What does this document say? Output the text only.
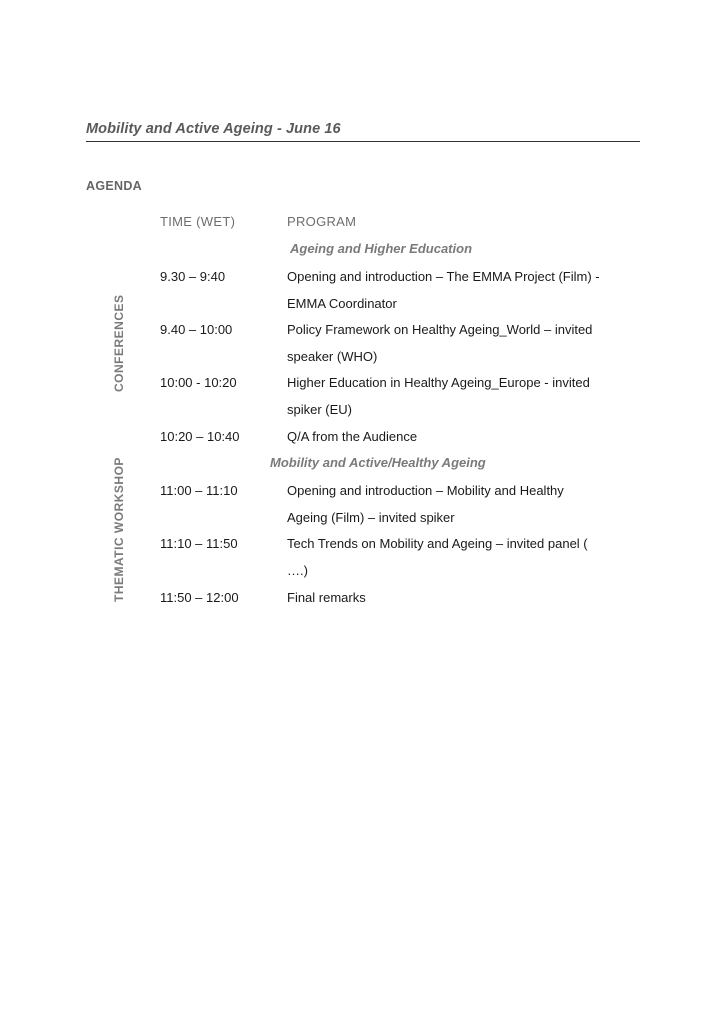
Mobility and Active Ageing - June 16
AGENDA
TIME (WET)	PROGRAM
CONFERENCES
THEMATIC WORKSHOP
Ageing and Higher Education
9.30 – 9:40	Opening and introduction – The EMMA Project (Film) - EMMA Coordinator
9.40 – 10:00	Policy Framework on Healthy Ageing_World – invited speaker (WHO)
10:00 - 10:20	Higher Education in Healthy Ageing_Europe - invited spiker (EU)
10:20 – 10:40	Q/A from the Audience
Mobility and Active/Healthy Ageing
11:00 – 11:10	Opening and introduction – Mobility and Healthy Ageing (Film) – invited spiker
11:10 – 11:50	Tech Trends on Mobility and Ageing – invited panel ( ….)
11:50 – 12:00	Final remarks
